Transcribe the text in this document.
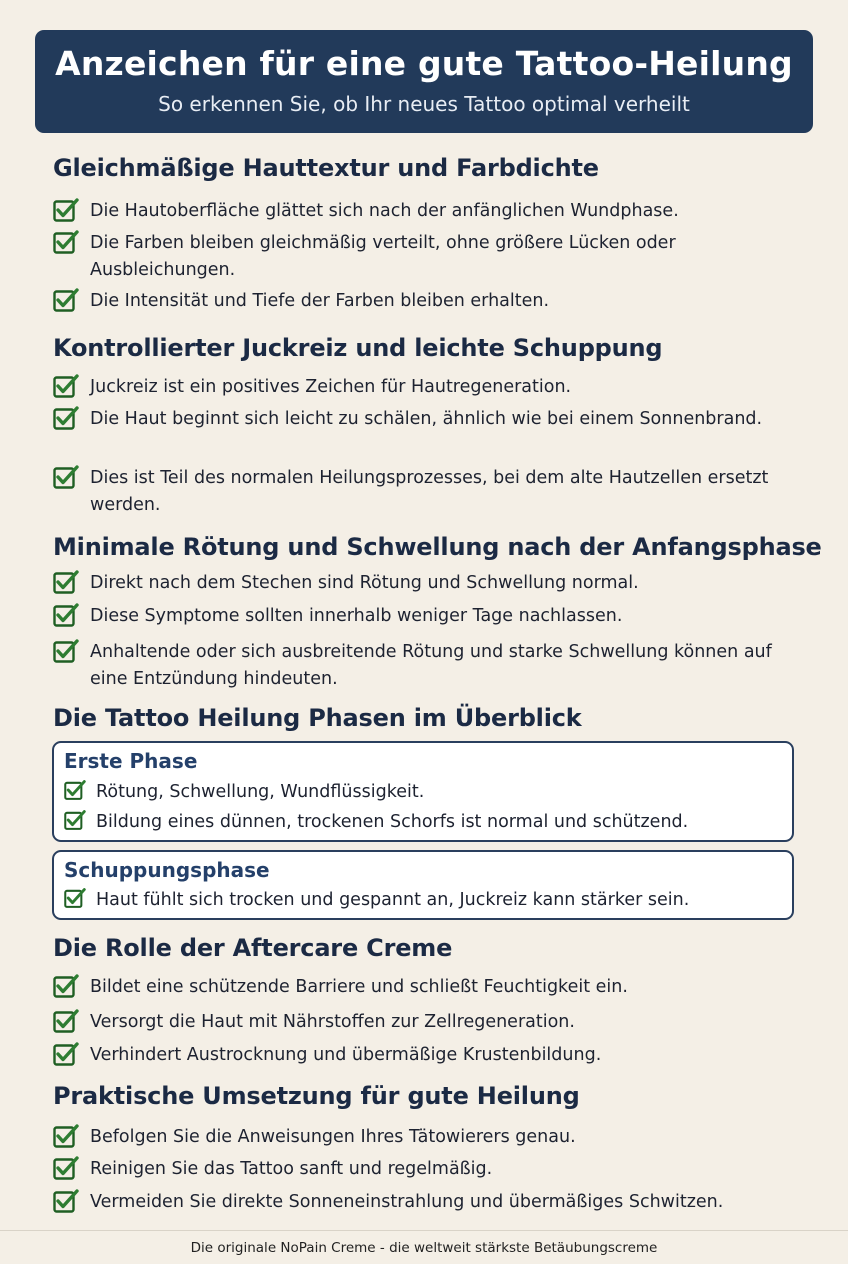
Anzeichen für eine gute Tattoo-Heilung
So erkennen Sie, ob Ihr neues Tattoo optimal verheilt
Gleichmäßige Hauttextur und Farbdichte
Die Hautoberfläche glättet sich nach der anfänglichen Wundphase.
Die Farben bleiben gleichmäßig verteilt, ohne größere Lücken oder Ausbleichungen.
Die Intensität und Tiefe der Farben bleiben erhalten.
Kontrollierter Juckreiz und leichte Schuppung
Juckreiz ist ein positives Zeichen für Hautregeneration.
Die Haut beginnt sich leicht zu schälen, ähnlich wie bei einem Sonnenbrand.
Dies ist Teil des normalen Heilungsprozesses, bei dem alte Hautzellen ersetzt werden.
Minimale Rötung und Schwellung nach der Anfangsphase
Direkt nach dem Stechen sind Rötung und Schwellung normal.
Diese Symptome sollten innerhalb weniger Tage nachlassen.
Anhaltende oder sich ausbreitende Rötung und starke Schwellung können auf eine Entzündung hindeuten.
Die Tattoo Heilung Phasen im Überblick
Erste Phase
Rötung, Schwellung, Wundflüssigkeit.
Bildung eines dünnen, trockenen Schorfs ist normal und schützend.
Schuppungsphase
Haut fühlt sich trocken und gespannt an, Juckreiz kann stärker sein.
Die Rolle der Aftercare Creme
Bildet eine schützende Barriere und schließt Feuchtigkeit ein.
Versorgt die Haut mit Nährstoffen zur Zellregeneration.
Verhindert Austrocknung und übermäßige Krustenbildung.
Praktische Umsetzung für gute Heilung
Befolgen Sie die Anweisungen Ihres Tätowierers genau.
Reinigen Sie das Tattoo sanft und regelmäßig.
Vermeiden Sie direkte Sonneneinstrahlung und übermäßiges Schwitzen.
Die originale NoPain Creme - die weltweit stärkste Betäubungscreme
